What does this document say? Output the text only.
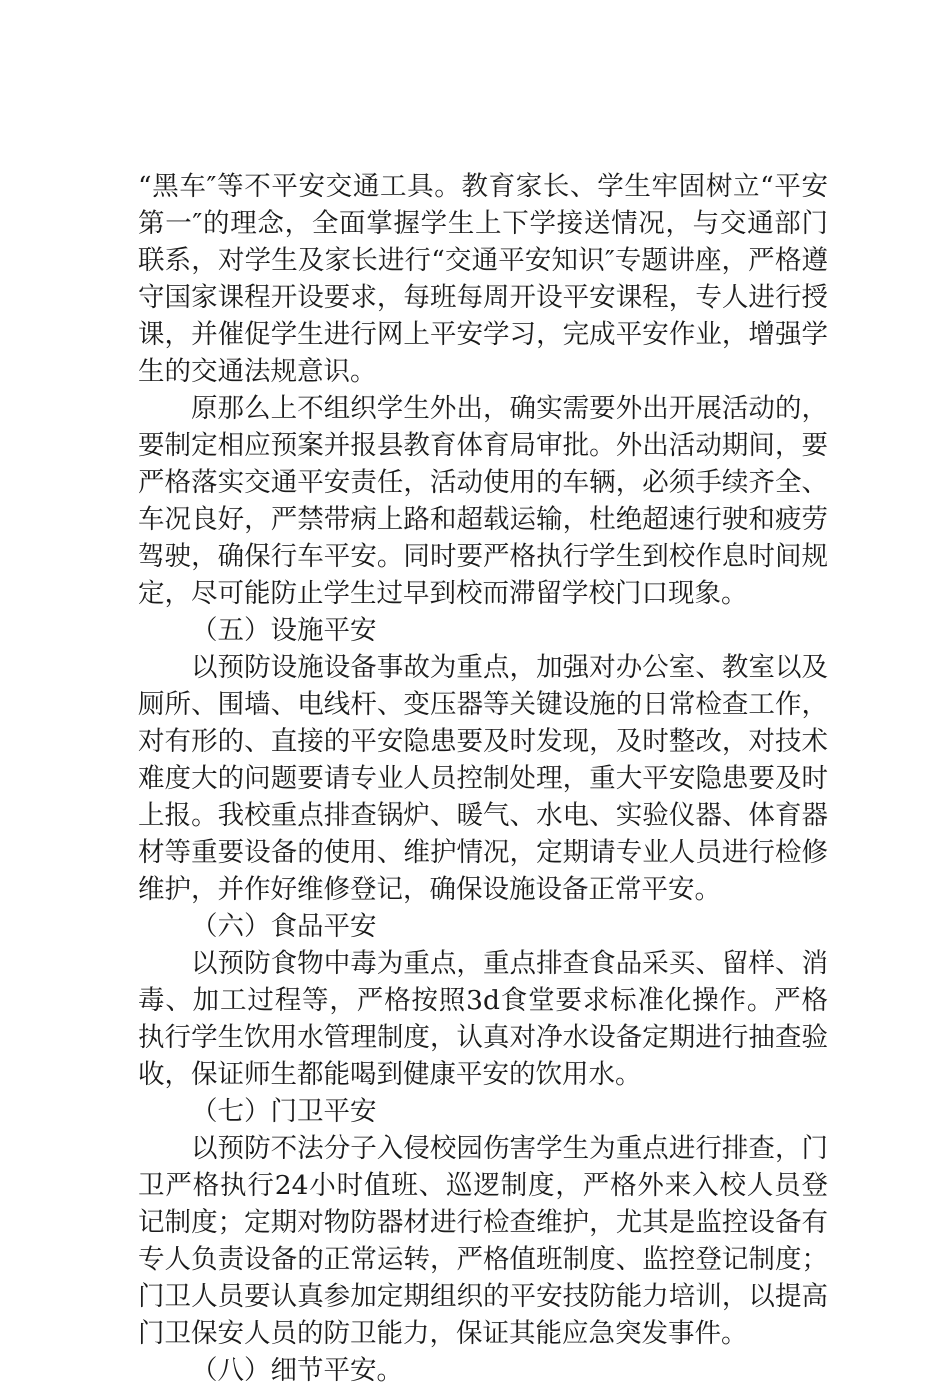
“黑车″等不平安交通工具。教育家长、学生牢固树立“平安第一″的理念，全面掌握学生上下学接送情况，与交通部门联系，对学生及家长进行“交通平安知识″专题讲座，严格遵守国家课程开设要求，每班每周开设平安课程，专人进行授课，并催促学生进行网上平安学习，完成平安作业，增强学生的交通法规意识。

原那么上不组织学生外出，确实需要外出开展活动的，要制定相应预案并报县教育体育局审批。外出活动期间，要严格落实交通平安责任，活动使用的车辆，必须手续齐全、车况良好，严禁带病上路和超载运输，杜绝超速行驶和疲劳驾驶，确保行车平安。同时要严格执行学生到校作息时间规定，尽可能防止学生过早到校而滞留学校门口现象。

（五）设施平安

以预防设施设备事故为重点，加强对办公室、教室以及厕所、围墙、电线杆、变压器等关键设施的日常检查工作，对有形的、直接的平安隐患要及时发现，及时整改，对技术难度大的问题要请专业人员控制处理，重大平安隐患要及时上报。我校重点排查锅炉、暖气、水电、实验仪器、体育器材等重要设备的使用、维护情况，定期请专业人员进行检修维护，并作好维修登记，确保设施设备正常平安。

（六）食品平安

以预防食物中毒为重点，重点排查食品采买、留样、消毒、加工过程等，严格按照3d食堂要求标准化操作。严格执行学生饮用水管理制度，认真对净水设备定期进行抽查验收，保证师生都能喝到健康平安的饮用水。

（七）门卫平安

以预防不法分子入侵校园伤害学生为重点进行排查，门卫严格执行24小时值班、巡逻制度，严格外来入校人员登记制度；定期对物防器材进行检查维护，尤其是监控设备有专人负责设备的正常运转，严格值班制度、监控登记制度；门卫人员要认真参加定期组织的平安技防能力培训，以提高门卫保安人员的防卫能力，保证其能应急突发事件。

（八）细节平安。
